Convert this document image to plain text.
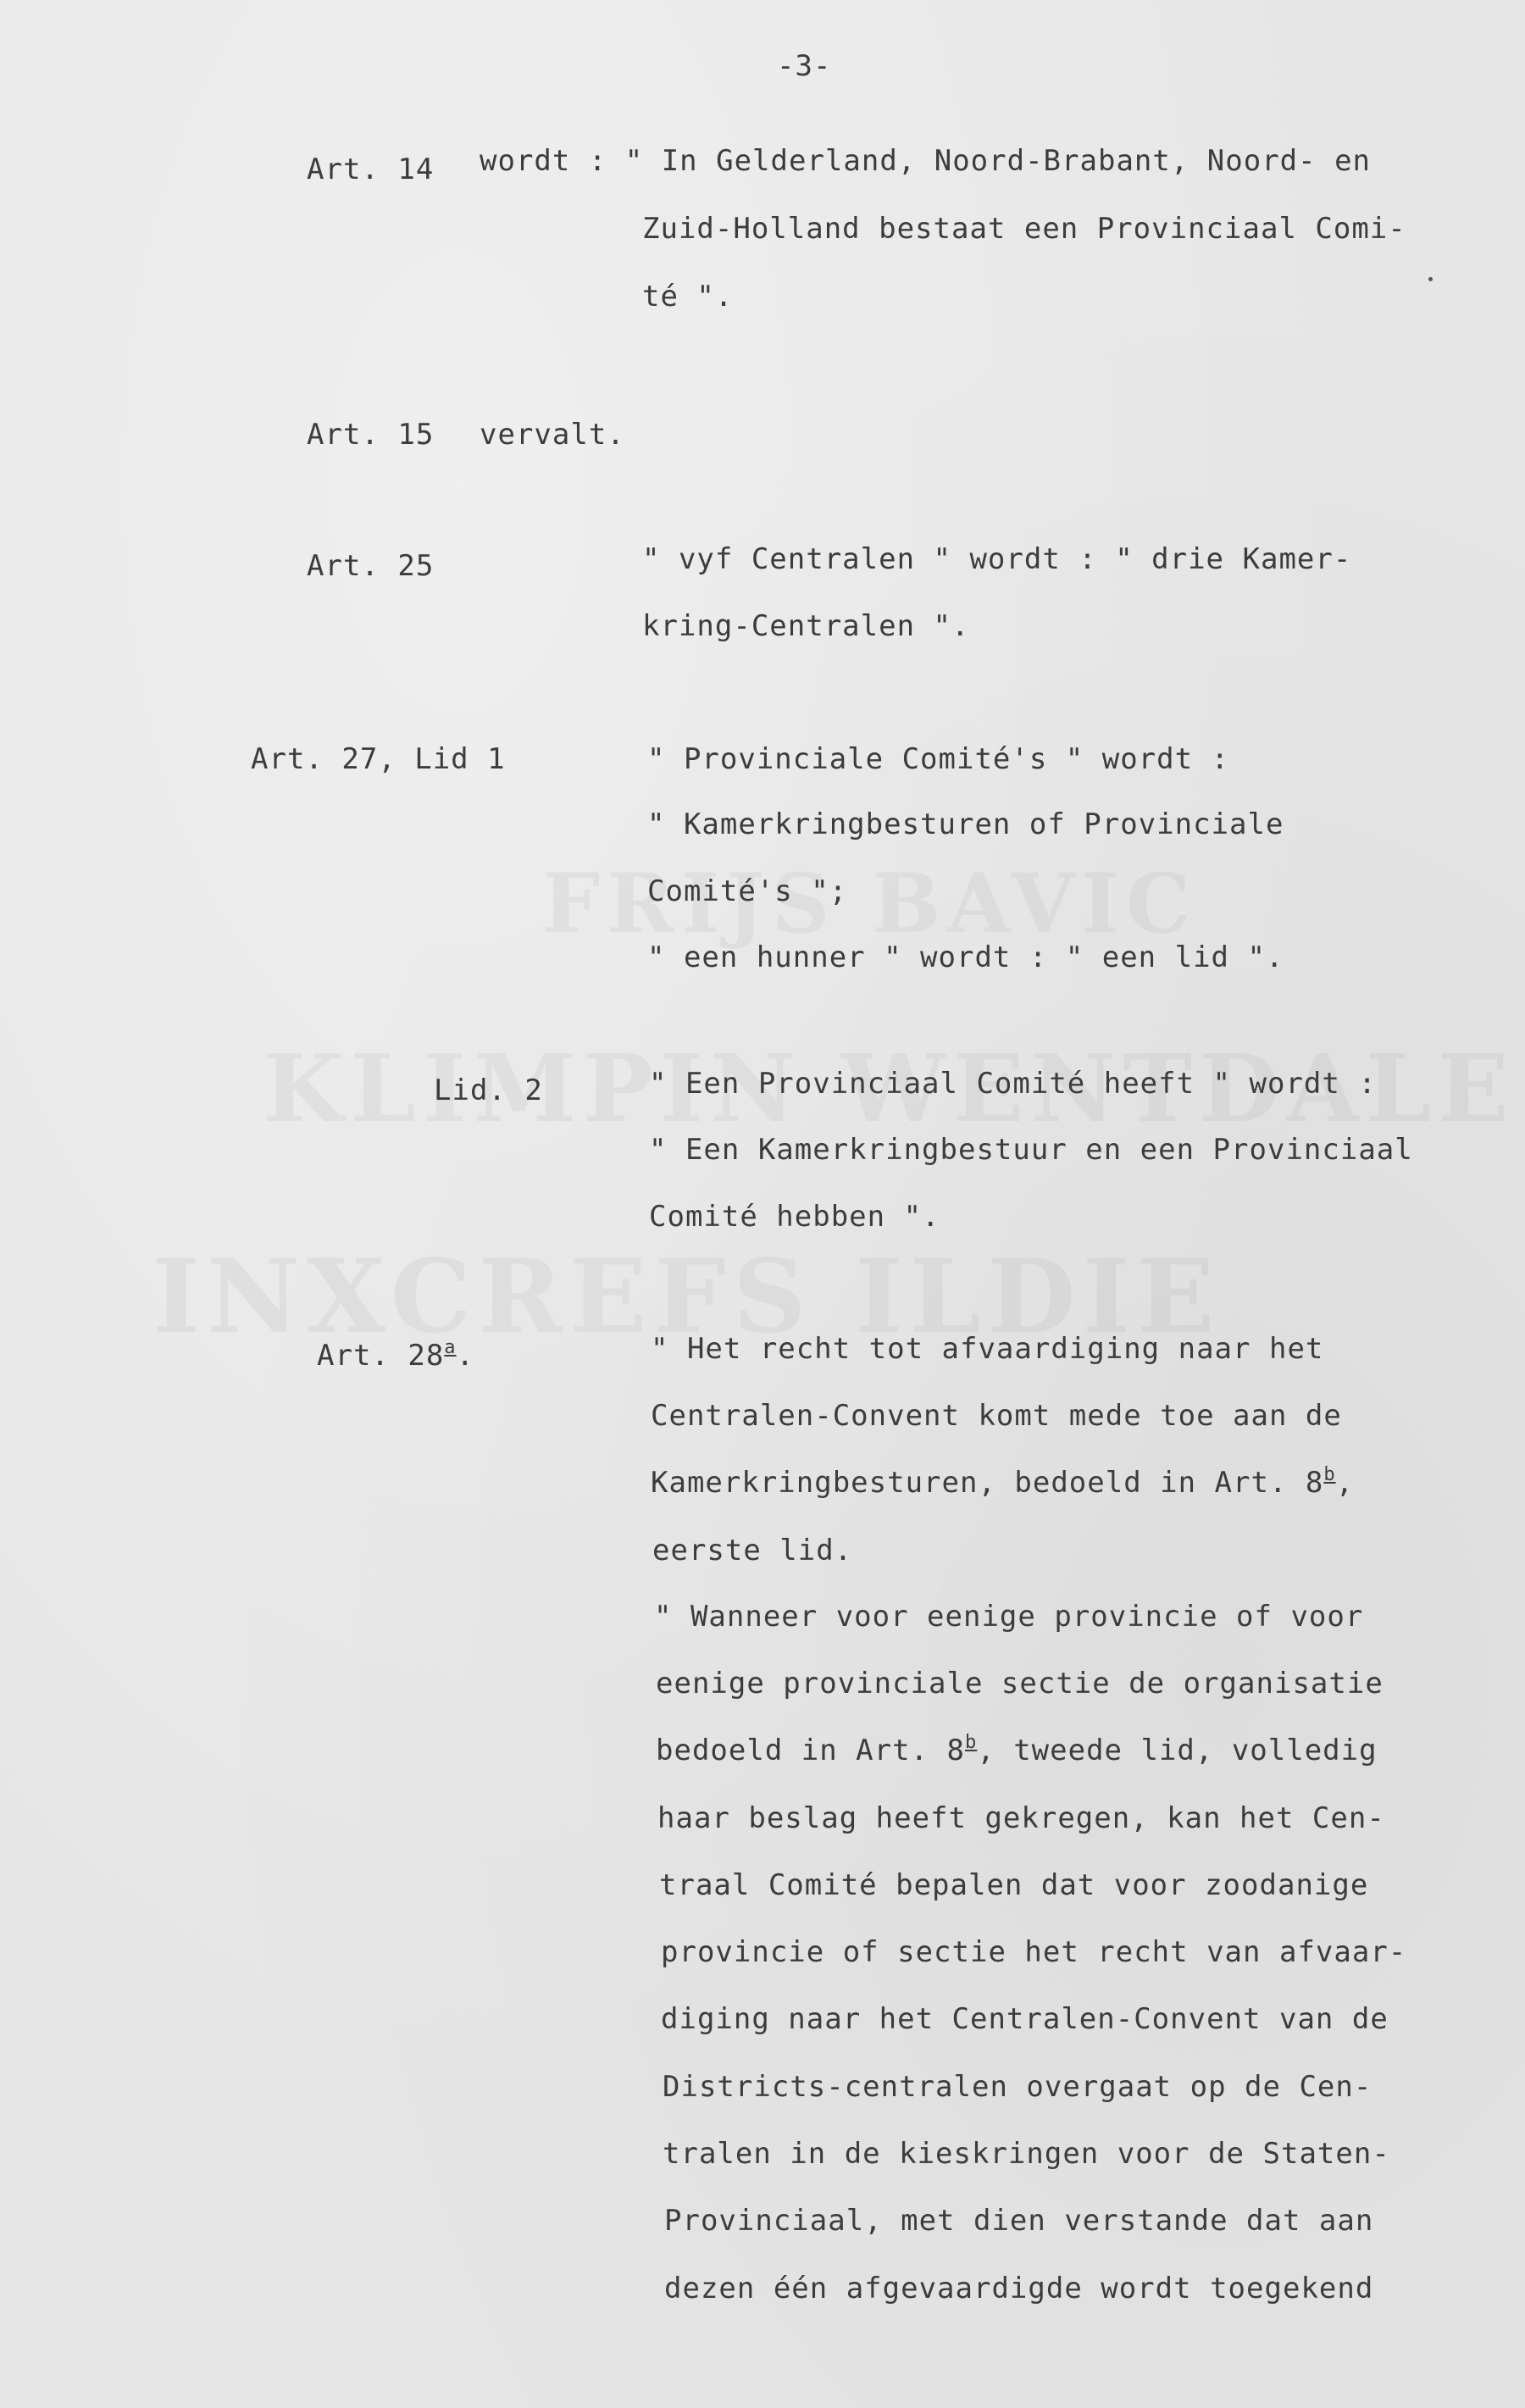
-3-
Art. 14 wordt : " In Gelderland, Noord-Brabant, Noord- en
Zuid-Holland bestaat een Provinciaal Comi-
té ".
Art. 15 vervalt.
Art. 25	" vyf Centralen " wordt : " drie Kamer-
kring-Centralen ".
Art. 27, Lid 1	" Provinciale Comité's " wordt :
" Kamerkringbesturen of Provinciale
Comité's ";
" een hunner " wordt : " een lid ".
Lid. 2	" Een Provinciaal Comité heeft " wordt :
" Een Kamerkringbestuur en een Provinciaal
Comité hebben ".
Art. 28$^a$.	" Het recht tot afvaardiging naar het
Centralen-Convent komt mede toe aan de
Kamerkringbesturen, bedoeld in Art. 8$^b$,
eerste lid.
" Wanneer voor eenige provincie of voor
eenige provinciale sectie de organisatie
bedoeld in Art. 8$^b$, tweede lid, volledig
haar beslag heeft gekregen, kan het Cen-
traal Comité bepalen dat voor zoodanige
provincie of sectie het recht van afvaar-
diging naar het Centralen-Convent van de
Districts-centralen overgaat op de Cen-
tralen in de kieskringen voor de Staten-
Provinciaal, met dien verstande dat aan
dezen één afgevaardigde wordt toegekend
